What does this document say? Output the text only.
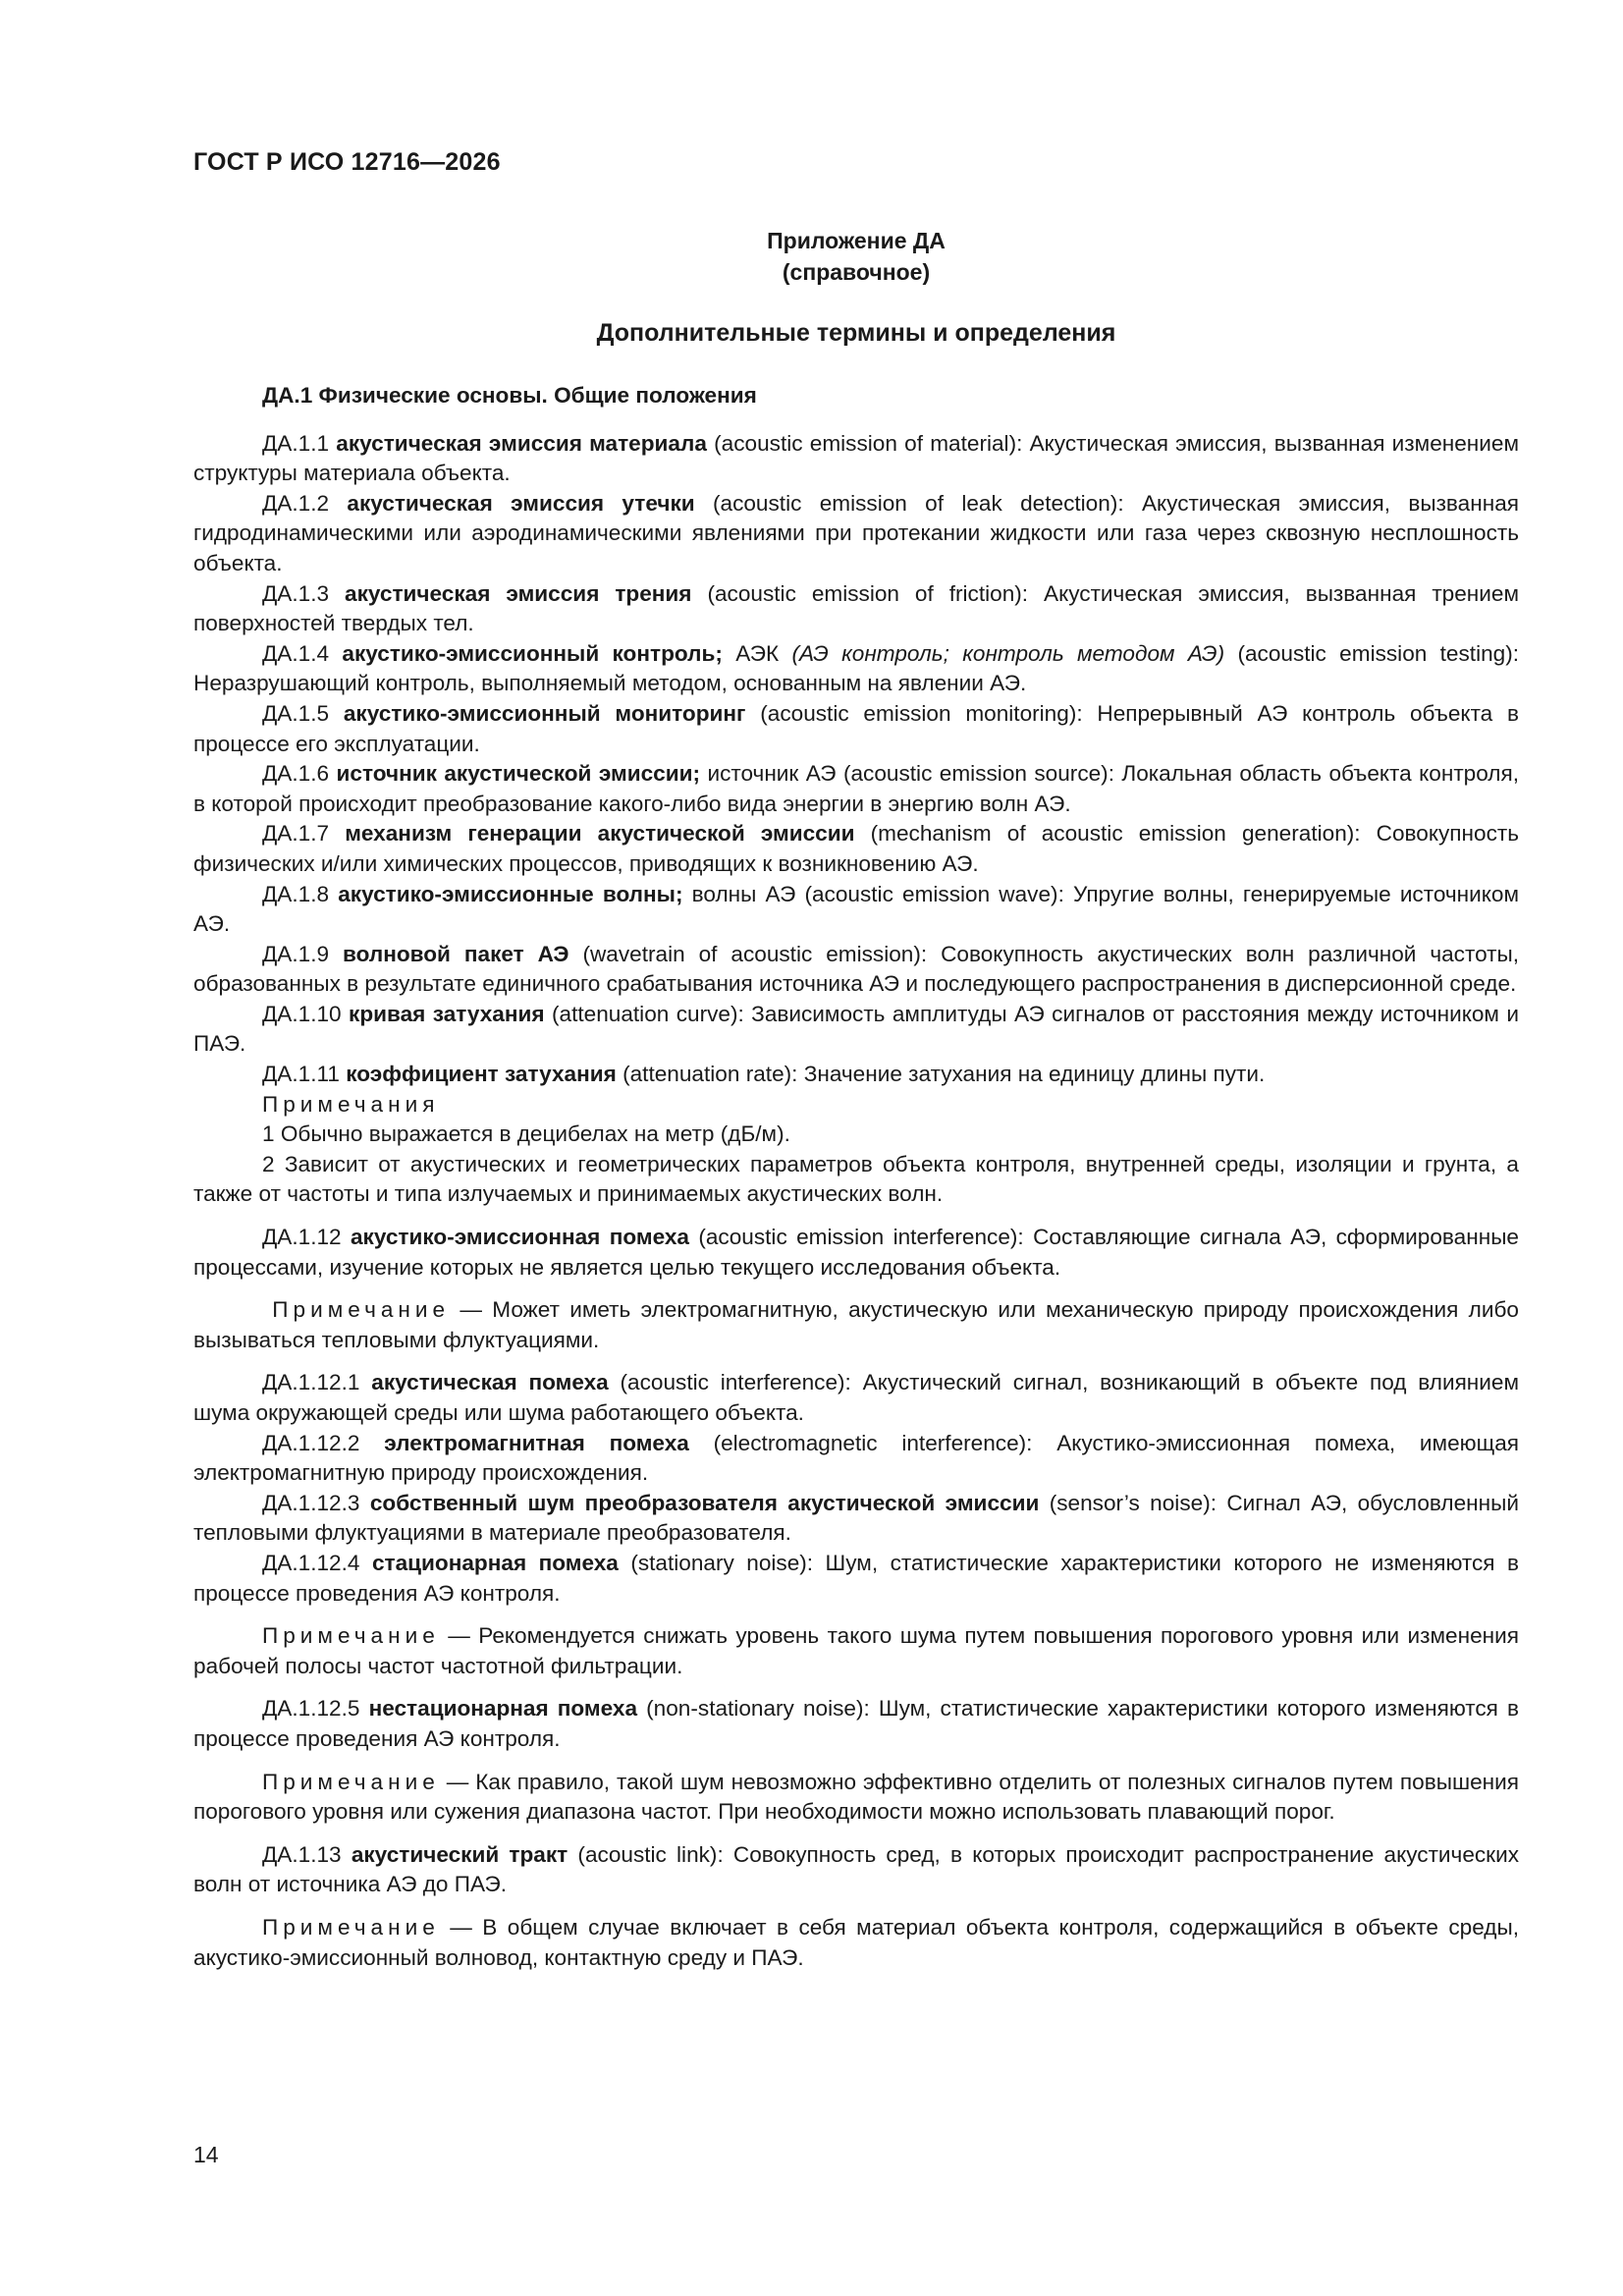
ГОСТ Р ИСО 12716—2026
Приложение ДА
(справочное)
Дополнительные термины и определения

ДА.1 Физические основы. Общие положения

ДА.1.1 акустическая эмиссия материала (acoustic emission of material): Акустическая эмиссия, вызванная изменением структуры материала объекта.

ДА.1.2 акустическая эмиссия утечки (acoustic emission of leak detection): Акустическая эмиссия, вызванная гидродинамическими или аэродинамическими явлениями при протекании жидкости или газа через сквозную несплошность объекта.

ДА.1.3 акустическая эмиссия трения (acoustic emission of friction): Акустическая эмиссия, вызванная трением поверхностей твердых тел.

ДА.1.4 акустико-эмиссионный контроль; АЭК (АЭ контроль; контроль методом АЭ) (acoustic emission testing): Неразрушающий контроль, выполняемый методом, основанным на явлении АЭ.

ДА.1.5 акустико-эмиссионный мониторинг (acoustic emission monitoring): Непрерывный АЭ контроль объекта в процессе его эксплуатации.

ДА.1.6 источник акустической эмиссии; источник АЭ (acoustic emission source): Локальная область объекта контроля, в которой происходит преобразование какого-либо вида энергии в энергию волн АЭ.

ДА.1.7 механизм генерации акустической эмиссии (mechanism of acoustic emission generation): Совокупность физических и/или химических процессов, приводящих к возникновению АЭ.

ДА.1.8 акустико-эмиссионные волны; волны АЭ (acoustic emission wave): Упругие волны, генерируемые источником АЭ.

ДА.1.9 волновой пакет АЭ (wavetrain of acoustic emission): Совокупность акустических волн различной частоты, образованных в результате единичного срабатывания источника АЭ и последующего распространения в дисперсионной среде.

ДА.1.10 кривая затухания (attenuation curve): Зависимость амплитуды АЭ сигналов от расстояния между источником и ПАЭ.

ДА.1.11 коэффициент затухания (attenuation rate): Значение затухания на единицу длины пути.

Примечания

1 Обычно выражается в децибелах на метр (дБ/м).

2 Зависит от акустических и геометрических параметров объекта контроля, внутренней среды, изоляции и грунта, а также от частоты и типа излучаемых и принимаемых акустических волн.

ДА.1.12 акустико-эмиссионная помеха (acoustic emission interference): Составляющие сигнала АЭ, сформированные процессами, изучение которых не является целью текущего исследования объекта.

Примечание — Может иметь электромагнитную, акустическую или механическую природу происхождения либо вызываться тепловыми флуктуациями.

ДА.1.12.1 акустическая помеха (acoustic interference): Акустический сигнал, возникающий в объекте под влиянием шума окружающей среды или шума работающего объекта.

ДА.1.12.2 электромагнитная помеха (electromagnetic interference): Акустико-эмиссионная помеха, имеющая электромагнитную природу происхождения.

ДА.1.12.3 собственный шум преобразователя акустической эмиссии (sensor’s noise): Сигнал АЭ, обусловленный тепловыми флуктуациями в материале преобразователя.

ДА.1.12.4 стационарная помеха (stationary noise): Шум, статистические характеристики которого не изменяются в процессе проведения АЭ контроля.

Примечание — Рекомендуется снижать уровень такого шума путем повышения порогового уровня или изменения рабочей полосы частот частотной фильтрации.

ДА.1.12.5 нестационарная помеха (non-stationary noise): Шум, статистические характеристики которого изменяются в процессе проведения АЭ контроля.

Примечание — Как правило, такой шум невозможно эффективно отделить от полезных сигналов путем повышения порогового уровня или сужения диапазона частот. При необходимости можно использовать плавающий порог.

ДА.1.13 акустический тракт (acoustic link): Совокупность сред, в которых происходит распространение акустических волн от источника АЭ до ПАЭ.

Примечание — В общем случае включает в себя материал объекта контроля, содержащийся в объекте среды, акустико-эмиссионный волновод, контактную среду и ПАЭ.

14
